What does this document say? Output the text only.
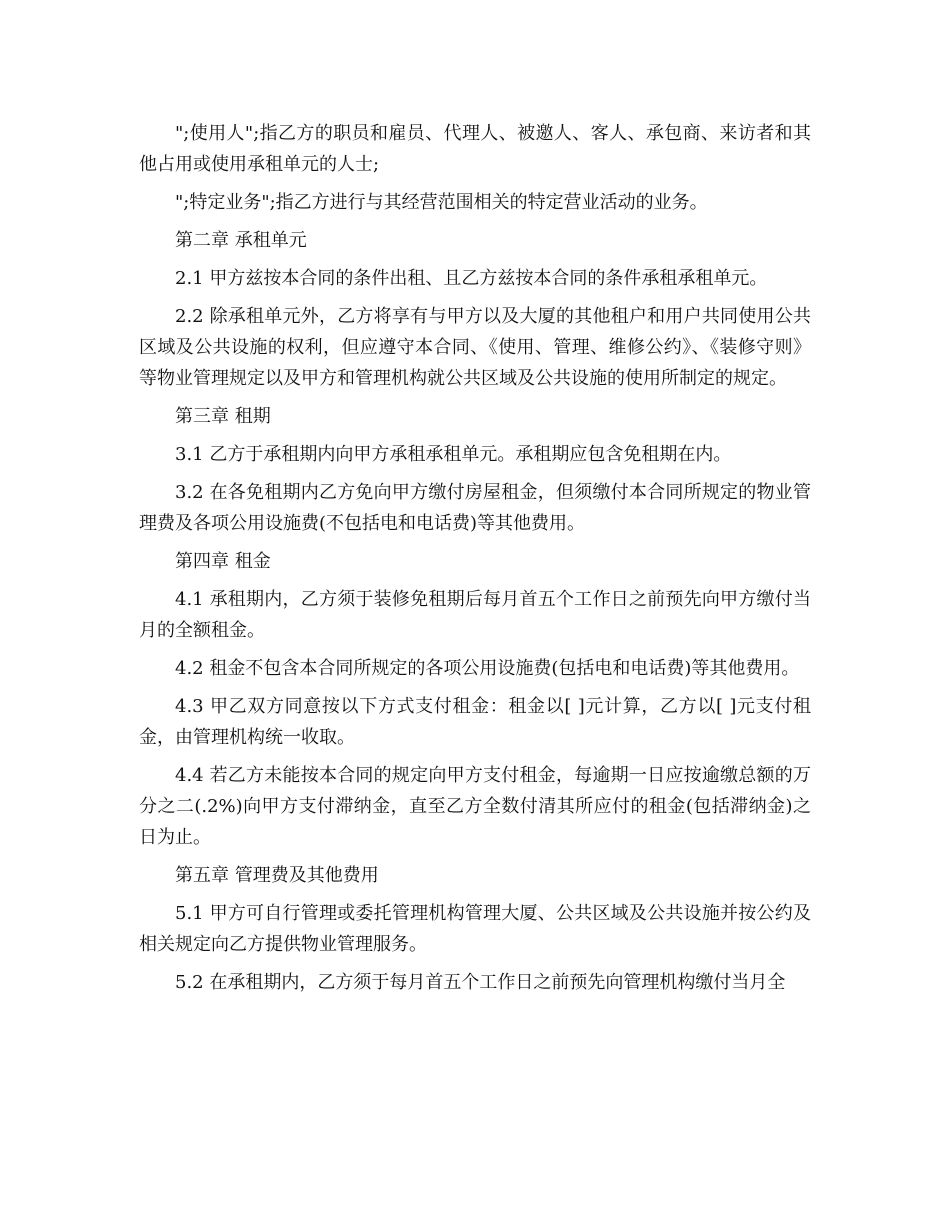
";使用人";指乙方的职员和雇员、代理人、被邀人、客人、承包商、来访者和其他占用或使用承租单元的人士;

";特定业务";指乙方进行与其经营范围相关的特定营业活动的业务。

第二章 承租单元

2.1 甲方兹按本合同的条件出租、且乙方兹按本合同的条件承租承租单元。

2.2 除承租单元外，乙方将享有与甲方以及大厦的其他租户和用户共同使用公共区域及公共设施的权利，但应遵守本合同、《使用、管理、维修公约》、《装修守则》等物业管理规定以及甲方和管理机构就公共区域及公共设施的使用所制定的规定。

第三章 租期

3.1 乙方于承租期内向甲方承租承租单元。承租期应包含免租期在内。

3.2 在各免租期内乙方免向甲方缴付房屋租金，但须缴付本合同所规定的物业管理费及各项公用设施费(不包括电和电话费)等其他费用。

第四章 租金

4.1 承租期内，乙方须于装修免租期后每月首五个工作日之前预先向甲方缴付当月的全额租金。

4.2 租金不包含本合同所规定的各项公用设施费(包括电和电话费)等其他费用。

4.3 甲乙双方同意按以下方式支付租金：租金以[ ]元计算，乙方以[ ]元支付租金，由管理机构统一收取。

4.4 若乙方未能按本合同的规定向甲方支付租金，每逾期一日应按逾缴总额的万分之二(.2%)向甲方支付滞纳金，直至乙方全数付清其所应付的租金(包括滞纳金)之日为止。

第五章 管理费及其他费用

5.1 甲方可自行管理或委托管理机构管理大厦、公共区域及公共设施并按公约及相关规定向乙方提供物业管理服务。

5.2 在承租期内，乙方须于每月首五个工作日之前预先向管理机构缴付当月全
